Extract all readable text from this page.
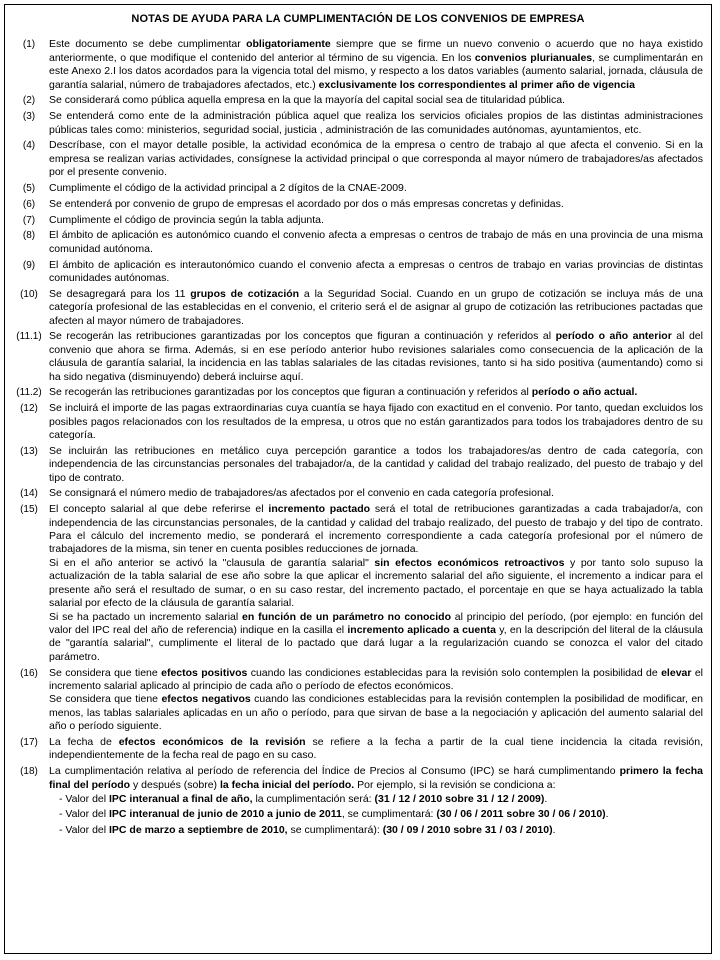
NOTAS DE AYUDA PARA LA CUMPLIMENTACIÓN DE LOS CONVENIOS DE EMPRESA
(1)	Este documento se debe cumplimentar obligatoriamente siempre que se firme un nuevo convenio o acuerdo que no haya existido anteriormente, o que modifique el contenido del anterior al término de su vigencia. En los convenios plurianuales, se cumplimentarán en este Anexo 2.I los datos acordados para la vigencia total del mismo, y respecto a los datos variables (aumento salarial, jornada, cláusula de garantía salarial, número de trabajadores afectados, etc.) exclusivamente los correspondientes al primer año de vigencia

(2)	Se considerará como pública aquella empresa en la que la mayoría del capital social sea de titularidad pública.

(3)	Se entenderá como ente de la administración pública aquel que realiza los servicios oficiales propios de las distintas administraciones públicas tales como: ministerios, seguridad social, justicia , administración de las comunidades autónomas, ayuntamientos, etc.

(4)	Descríbase, con el mayor detalle posible, la actividad económica de la empresa o centro de trabajo al que afecta el convenio. Si en la empresa se realizan varias actividades, consígnese la actividad principal o que corresponda al mayor número de trabajadores/as afectados por el presente convenio.

(5)	Cumplimente el código de la actividad principal a 2 dígitos de la CNAE-2009.

(6)	Se entenderá por convenio de grupo de empresas el acordado por dos o más empresas concretas y definidas.

(7)	Cumplimente el código de provincia según la tabla adjunta.

(8)	El ámbito de aplicación es autonómico cuando el convenio afecta a empresas o centros de trabajo de más en una provincia de una misma comunidad autónoma.

(9)	El ámbito de aplicación es interautonómico cuando el convenio afecta a empresas o centros de trabajo en varias provincias de distintas comunidades autónomas.

(10)	Se desagregará para los 11 grupos de cotización a la Seguridad Social. Cuando en un grupo de cotización se incluya más de una categoría profesional de las establecidas en el convenio, el criterio será el de asignar al grupo de cotización las retribuciones pactadas que afecten al mayor número de trabajadores.

(11.1) Se recogerán las retribuciones garantizadas por los conceptos que figuran a continuación y referidos al período o año anterior al del convenio que ahora se firma. Además, si en ese período anterior hubo revisiones salariales como consecuencia de la aplicación de la cláusula de garantía salarial, la incidencia en las tablas salariales de las citadas revisiones, tanto si ha sido positiva (aumentando) como si ha sido negativa (disminuyendo) deberá incluirse aquí.

(11.2) Se recogerán las retribuciones garantizadas por los conceptos que figuran a continuación y referidos al período o año actual.

(12)	Se incluirá el importe de las pagas extraordinarias cuya cuantía se haya fijado con exactitud en el convenio. Por tanto, quedan excluidos los posibles pagos relacionados con los resultados de la empresa, u otros que no están garantizados para todos los trabajadores dentro de su categoría.

(13)	Se incluirán las retribuciones en metálico cuya percepción garantice a todos los trabajadores/as dentro de cada categoría, con independencia de las circunstancias personales del trabajador/a, de la cantidad y calidad del trabajo realizado, del puesto de trabajo y del tipo de contrato.

(14)	Se consignará el número medio de trabajadores/as afectados por el convenio en cada categoría profesional.

(15)	El concepto salarial al que debe referirse el incremento pactado será el total de retribuciones garantizadas a cada trabajador/a, con independencia de las circunstancias personales, de la cantidad y calidad del trabajo realizado, del puesto de trabajo y del tipo de contrato. Para el cálculo del incremento medio, se ponderará el incremento correspondiente a cada categoría profesional por el número de trabajadores de la misma, sin tener en cuenta posibles reducciones de jornada.

Si en el año anterior se activó la "clausula de garantía salarial" sin efectos económicos retroactivos y por tanto solo supuso la actualización de la tabla salarial de ese año sobre la que aplicar el incremento salarial del año siguiente, el incremento a indicar para el presente año será el resultado de sumar, o en su caso restar, del incremento pactado, el porcentaje en que se haya actualizado la tabla salarial por efecto de la cláusula de garantía salarial.

Si se ha pactado un incremento salarial en función de un parámetro no conocido al principio del período, (por ejemplo: en función del valor del IPC real del año de referencia) indique en la casilla el incremento aplicado a cuenta y, en la descripción del literal de la cláusula de "garantía salarial", cumplimente el literal de lo pactado que dará lugar a la regularización cuando se conozca el valor del citado parámetro.

(16)	Se considera que tiene efectos positivos cuando las condiciones establecidas para la revisión solo contemplen la posibilidad de elevar el incremento salarial aplicado al principio de cada año o período de efectos económicos.

Se considera que tiene efectos negativos cuando las condiciones establecidas para la revisión contemplen la posibilidad de modificar, en menos, las tablas salariales aplicadas en un año o período, para que sirvan de base a la negociación y aplicación del aumento salarial del año o período siguiente.

(17)	La fecha de efectos económicos de la revisión se refiere a la fecha a partir de la cual tiene incidencia la citada revisión, independientemente de la fecha real de pago en su caso.

(18)	La cumplimentación relativa al período de referencia del Índice de Precios al Consumo (IPC) se hará cumplimentando primero la fecha final del período y después (sobre) la fecha inicial del período. Por ejemplo, si la revisión se condiciona a:

- Valor del IPC interanual a final de año, la cumplimentación será: (31 / 12 / 2010 sobre 31 / 12 / 2009).
- Valor del IPC interanual de junio de 2010 a junio de 2011, se cumplimentará: (30 / 06 / 2011 sobre 30 / 06 / 2010).
- Valor del IPC de marzo a septiembre de 2010, se cumplimentará): (30 / 09 / 2010 sobre 31 / 03 / 2010).
